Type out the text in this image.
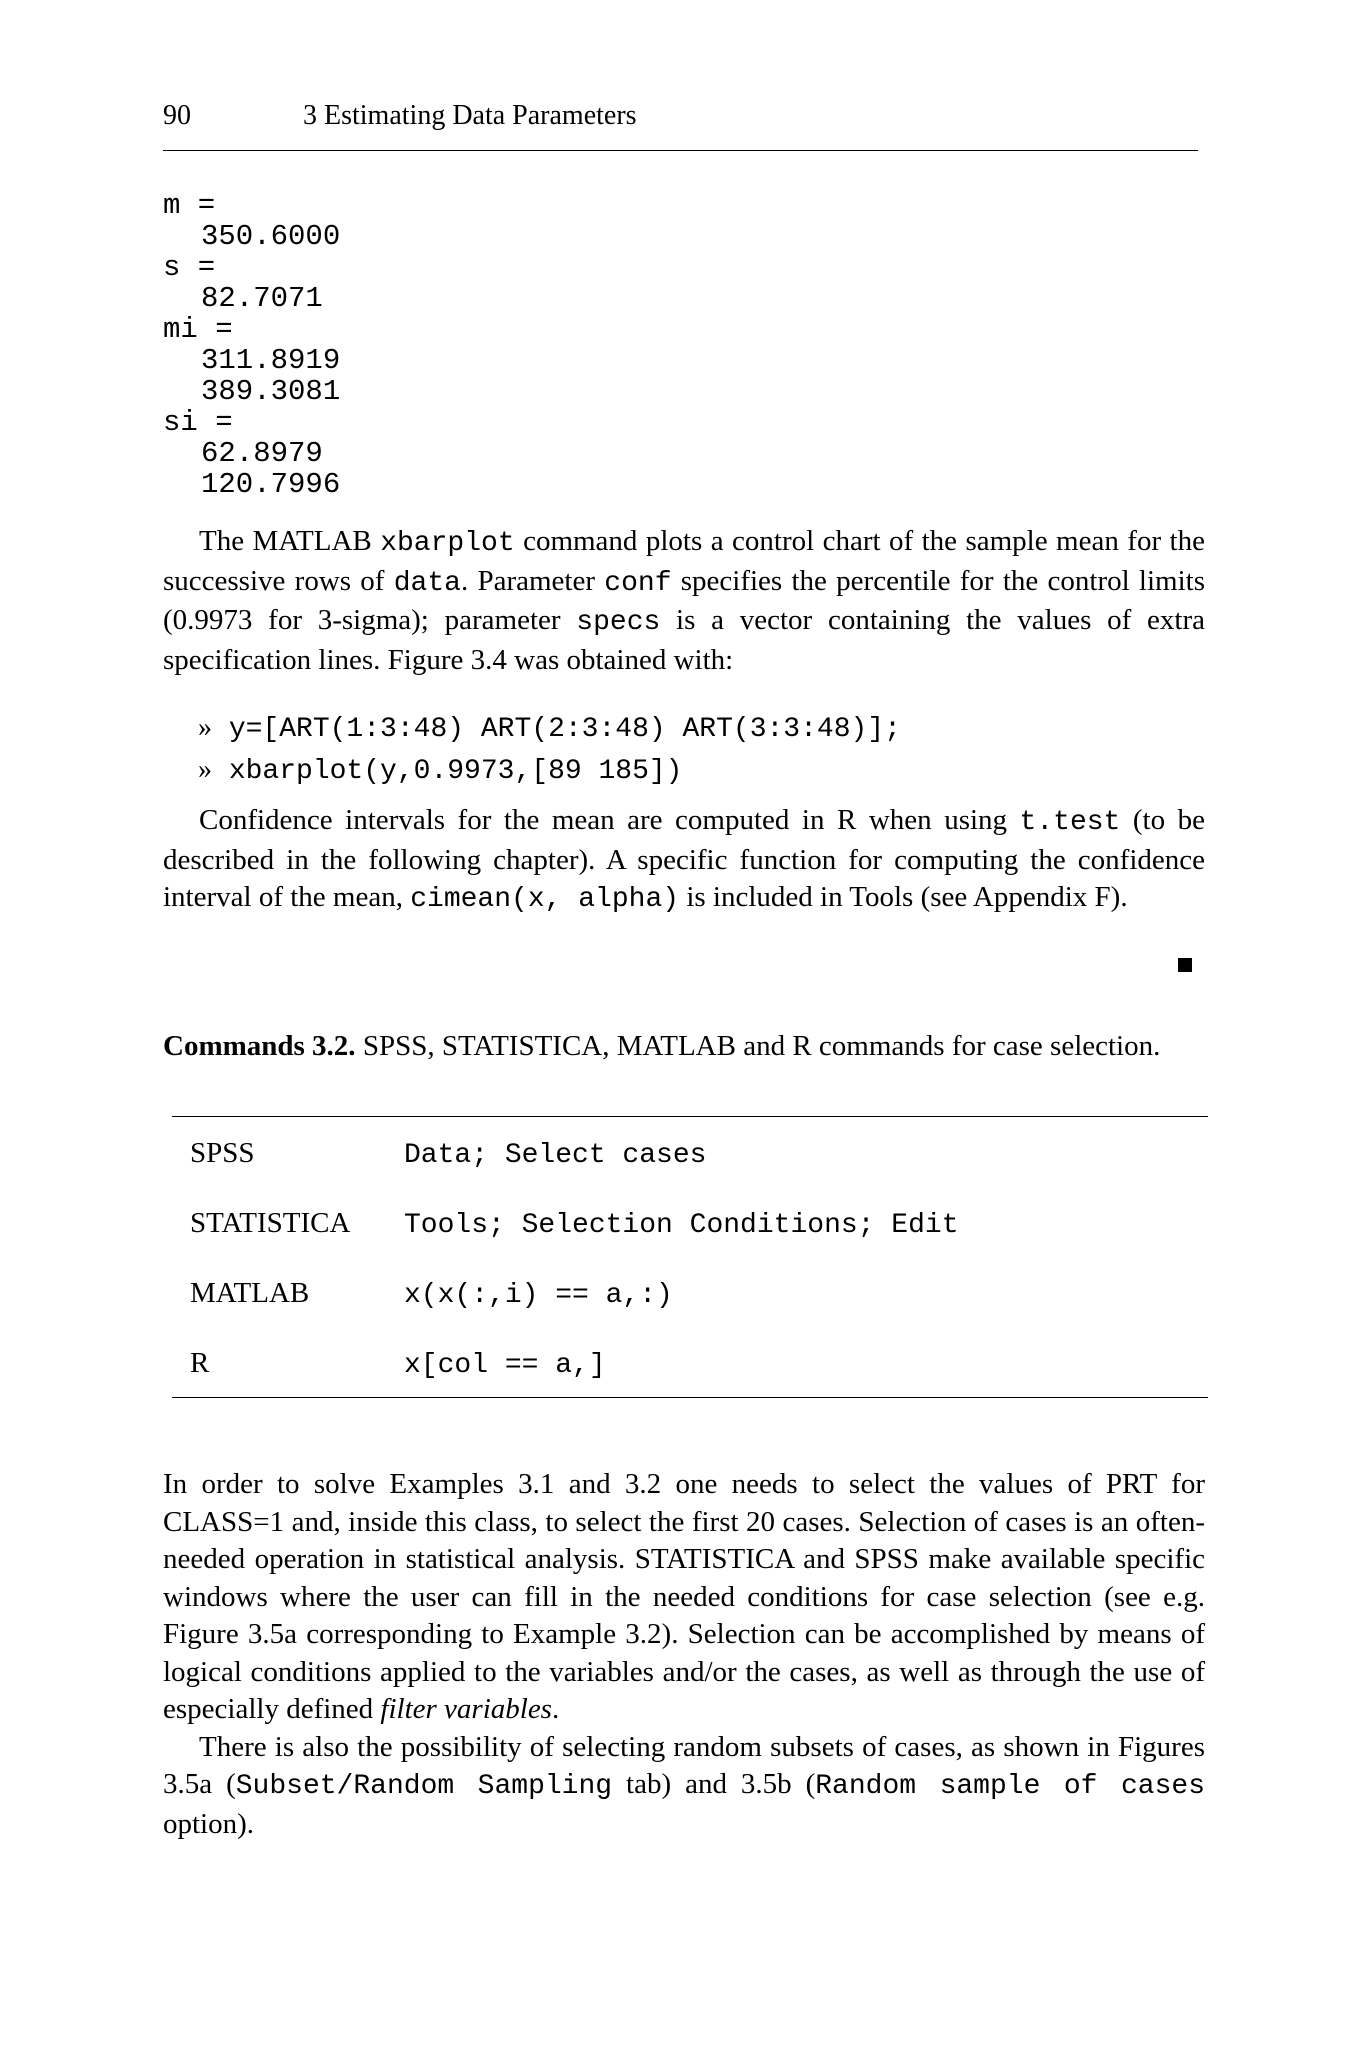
90	3 Estimating Data Parameters
m =
350.6000
s =
82.7071
mi =
311.8919
389.3081
si =
62.8979
120.7996

The MATLAB xbarplot command plots a control chart of the sample mean for the successive rows of data. Parameter conf specifies the percentile for the control limits (0.9973 for 3-sigma); parameter specs is a vector containing the values of extra specification lines. Figure 3.4 was obtained with:

» y=[ART(1:3:48) ART(2:3:48) ART(3:3:48)];
» xbarplot(y,0.9973,[89 185])

Confidence intervals for the mean are computed in R when using t.test (to be described in the following chapter). A specific function for computing the confidence interval of the mean, cimean(x, alpha) is included in Tools (see Appendix F).

Commands 3.2. SPSS, STATISTICA, MATLAB and R commands for case selection.
SPSS	Data; Select cases
STATISTICA Tools; Selection Conditions; Edit
MATLAB	x(x(:,i) == a,:)
R	x[col == a,]

In order to solve Examples 3.1 and 3.2 one needs to select the values of PRT for CLASS=1 and, inside this class, to select the first 20 cases. Selection of cases is an often-needed operation in statistical analysis. STATISTICA and SPSS make available specific windows where the user can fill in the needed conditions for case selection (see e.g. Figure 3.5a corresponding to Example 3.2). Selection can be accomplished by means of logical conditions applied to the variables and/or the cases, as well as through the use of especially defined filter variables.

There is also the possibility of selecting random subsets of cases, as shown in Figures 3.5a (Subset/Random Sampling tab) and 3.5b (Random sample of cases option).
